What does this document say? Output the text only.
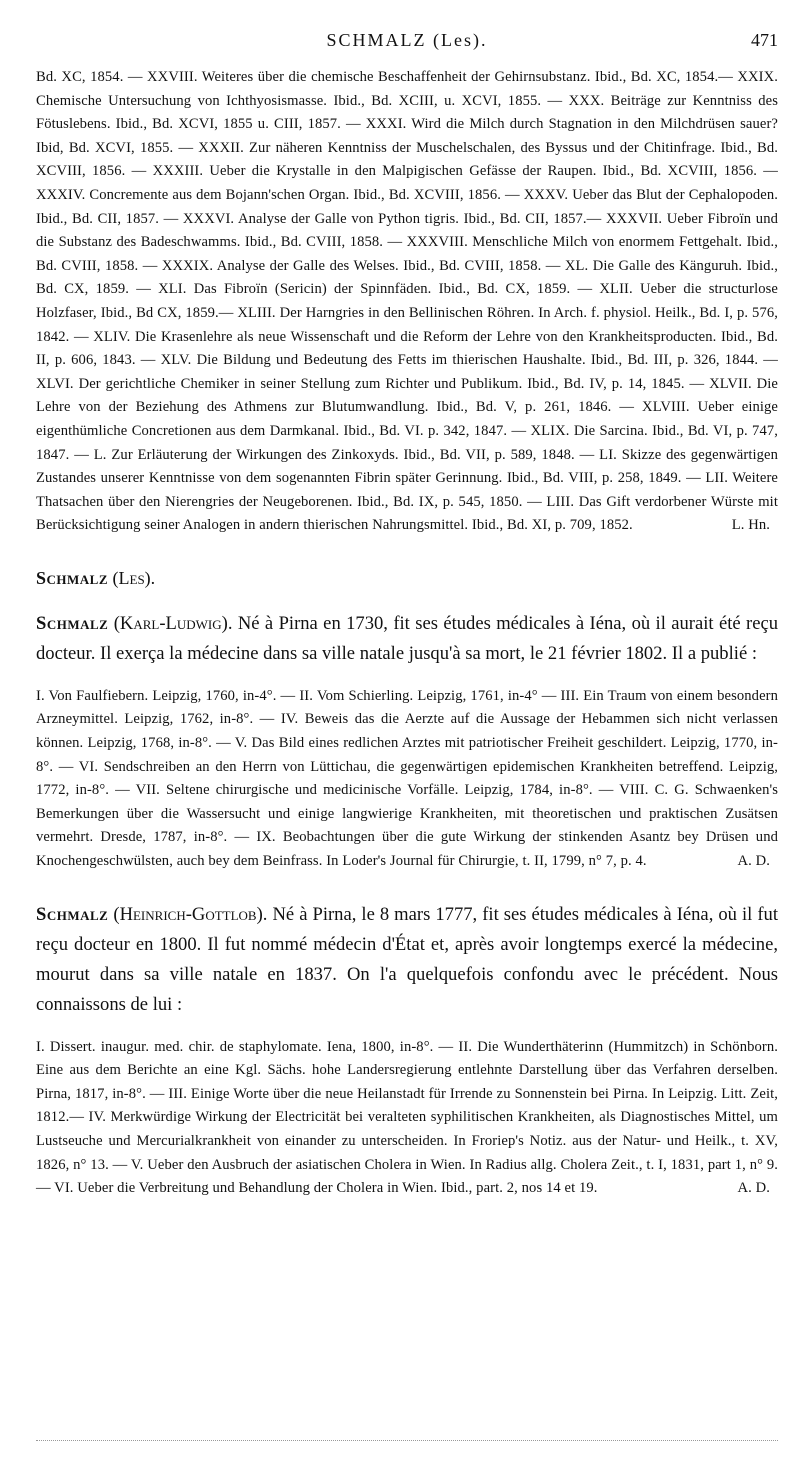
SCHMALZ (Les).	471

Bd. XC, 1854. — XXVIII. Weiteres über die chemische Beschaffenheit der Gehirnsubstanz. Ibid., Bd. XC, 1854.— XXIX. Chemische Untersuchung von Ichthyosismasse. Ibid., Bd. XCIII, u. XCVI, 1855. — XXX. Beiträge zur Kenntniss des Fötuslebens. Ibid., Bd. XCVI, 1855 u. CIII, 1857. — XXXI. Wird die Milch durch Stagnation in den Milchdrüsen sauer? Ibid, Bd. XCVI, 1855. — XXXII. Zur näheren Kenntniss der Muschelschalen, des Byssus und der Chitinfrage. Ibid., Bd. XCVIII, 1856. — XXXIII. Ueber die Krystalle in den Malpigischen Gefässe der Raupen. Ibid., Bd. XCVIII, 1856. — XXXIV. Concremente aus dem Bojann'schen Organ. Ibid., Bd. XCVIII, 1856. — XXXV. Ueber das Blut der Cephalopoden. Ibid., Bd. CII, 1857. — XXXVI. Analyse der Galle von Python tigris. Ibid., Bd. CII, 1857.— XXXVII. Ueber Fibroïn und die Substanz des Badeschwamms. Ibid., Bd. CVIII, 1858. — XXXVIII. Menschliche Milch von enormem Fettgehalt. Ibid., Bd. CVIII, 1858. — XXXIX. Analyse der Galle des Welses. Ibid., Bd. CVIII, 1858. — XL. Die Galle des Känguruh. Ibid., Bd. CX, 1859. — XLI. Das Fibroïn (Sericin) der Spinnfäden. Ibid., Bd. CX, 1859. — XLII. Ueber die structurlose Holzfaser, Ibid., Bd CX, 1859.— XLIII. Der Harngries in den Bellinischen Röhren. In Arch. f. physiol. Heilk., Bd. I, p. 576, 1842. — XLIV. Die Krasenlehre als neue Wissenschaft und die Reform der Lehre von den Krankheitsproducten. Ibid., Bd. II, p. 606, 1843. — XLV. Die Bildung und Bedeutung des Fetts im thierischen Haushalte. Ibid., Bd. III, p. 326, 1844. — XLVI. Der gerichtliche Chemiker in seiner Stellung zum Richter und Publikum. Ibid., Bd. IV, p. 14, 1845. — XLVII. Die Lehre von der Beziehung des Athmens zur Blutumwandlung. Ibid., Bd. V, p. 261, 1846. — XLVIII. Ueber einige eigenthümliche Concretionen aus dem Darmkanal. Ibid., Bd. VI. p. 342, 1847. — XLIX. Die Sarcina. Ibid., Bd. VI, p. 747, 1847. — L. Zur Erläuterung der Wirkungen des Zinkoxyds. Ibid., Bd. VII, p. 589, 1848. — LI. Skizze des gegenwärtigen Zustandes unserer Kenntnisse von dem sogenannten Fibrin später Gerinnung. Ibid., Bd. VIII, p. 258, 1849. — LII. Weitere Thatsachen über den Nierengries der Neugeborenen. Ibid., Bd. IX, p. 545, 1850. — LIII. Das Gift verdorbener Würste mit Berücksichtigung seiner Analogen in andern thierischen Nahrungsmittel. Ibid., Bd. XI, p. 709, 1852.	L. Hn.

Schmalz (Les).

Schmalz (Karl-Ludwig). Né à Pirna en 1730, fit ses études médicales à Iéna, où il aurait été reçu docteur. Il exerça la médecine dans sa ville natale jusqu'à sa mort, le 21 février 1802. Il a publié :

I. Von Faulfiebern. Leipzig, 1760, in-4°. — II. Vom Schierling. Leipzig, 1761, in-4° — III. Ein Traum von einem besondern Arzneymittel. Leipzig, 1762, in-8°. — IV. Beweis das die Aerzte auf die Aussage der Hebammen sich nicht verlassen können. Leipzig, 1768, in-8°. — V. Das Bild eines redlichen Arztes mit patriotischer Freiheit geschildert. Leipzig, 1770, in-8°. — VI. Sendschreiben an den Herrn von Lüttichau, die gegenwärtigen epidemischen Krankheiten betreffend. Leipzig, 1772, in-8°. — VII. Seltene chirurgische und medicinische Vorfälle. Leipzig, 1784, in-8°. — VIII. C. G. Schwaenken's Bemerkungen über die Wassersucht und einige langwierige Krankheiten, mit theoretischen und praktischen Zusätsen vermehrt. Dresde, 1787, in-8°. — IX. Beobachtungen über die gute Wirkung der stinkenden Asantz bey Drüsen und Knochengeschwülsten, auch bey dem Beinfrass. In Loder's Journal für Chirurgie, t. II, 1799, n° 7, p. 4.	A. D.

Schmalz (Heinrich-Gottlob). Né à Pirna, le 8 mars 1777, fit ses études médicales à Iéna, où il fut reçu docteur en 1800. Il fut nommé médecin d'État et, après avoir longtemps exercé la médecine, mourut dans sa ville natale en 1837. On l'a quelquefois confondu avec le précédent. Nous connaissons de lui :

I. Dissert. inaugur. med. chir. de staphylomate. Iena, 1800, in-8°. — II. Die Wunderthäterinn (Hummitzch) in Schönborn. Eine aus dem Berichte an eine Kgl. Sächs. hohe Landersregierung entlehnte Darstellung über das Verfahren derselben. Pirna, 1817, in-8°. — III. Einige Worte über die neue Heilanstadt für Irrende zu Sonnenstein bei Pirna. In Leipzig. Litt. Zeit, 1812.— IV. Merkwürdige Wirkung der Electricität bei veralteten syphilitischen Krankheiten, als Diagnostisches Mittel, um Lustseuche und Mercurialkrankheit von einander zu unterscheiden. In Froriep's Notiz. aus der Natur- und Heilk., t. XV, 1826, n° 13. — V. Ueber den Ausbruch der asiatischen Cholera in Wien. In Radius allg. Cholera Zeit., t. I, 1831, part 1, n° 9. — VI. Ueber die Verbreitung und Behandlung der Cholera in Wien. Ibid., part. 2, nos 14 et 19.	A. D.
